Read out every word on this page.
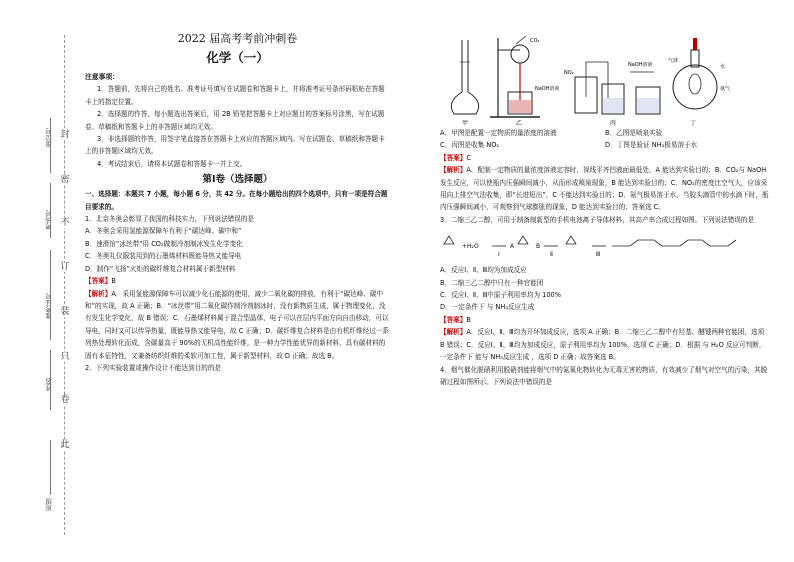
封
密
不
订
装
只
卷
此
座位号
考场号
准考证号
姓名
班级

2022 届高考考前冲刺卷

化学（一）

注意事项：

1．答题前，先将自己的姓名、准考证号填写在试题卷和答题卡上，并将准考证号条形码粘贴在答题卡上的指定位置。

2．选择题的作答，每小题选出答案后，用 2B 铅笔把答题卡上对应题目的答案标号涂黑，写在试题卷、草稿纸和答题卡上的非答题区域均无效。

3．非选择题的作答，用签字笔直接答在答题卡上对应的答题区域内。写在试题卷、草稿纸和答题卡上的非答题区域均无效。

4．考试结束后，请将本试题卷和答题卡一并上交。

第Ⅰ卷（选择题）

一、选择题：本题共 7 小题，每小题 6 分，共 42 分。在每小题给出的四个选项中，只有一项是符合题目要求的。

1．北京冬奥会彰显了我国的科技实力，下列说法错误的是

A．冬奥会采用氢能源保障车有利于“碳达峰、碳中和”

B．速滑馆“冰丝带”用 CO₂做制冷剂制冰发生化学变化

C．冬奥礼仪服装用到的石墨烯材料既能导热又能导电

D．制作“飞扬”火炬的碳纤维复合材料属于新型材料

【答案】B

【解析】A．采用氢能源保障车可以减少化石能源的使用，减少二氧化碳的排放，有利于“碳达峰、碳中和”的实现，故 A 正确；B．“冰丝带”用二氧化碳作制冷剂制冰时，没有新物质生成，属于物理变化，没有发生化学变化，故 B 错误；C．石墨烯材料属于混合型晶体，电子可以在层内平面方向自由移动，可以导电，同时又可以传导热量，既能导热又能导电，故 C 正确；D．碳纤维复合材料是由有机纤维经过一系列热处理转化而成，含碳量高于 90%的无机高性能纤维，是一种力学性能优异的新材料，具有碳材料的固有本征特性，又兼备纺织纤维的柔软可加工性，属于新型材料，故 D 正确；故选 B。

2．下列实验装置或操作设计不能达到目的的是

甲	乙	丙	丁
CO₂
NaOH溶液
NO₂
NaOH溶液
气球
水
氨气
A．甲图是配置一定物质的量浓度的溶液	B．乙图是喷泉实验
C．丙图是收集 NO₂	D．丁图是验证 NH₃极易溶于水

【答案】C

【解析】A．配制一定物质的量浓度溶液定容时，视线平齐凹液面最低处，A 能达到实验目的；B．CO₂与 NaOH 发生反应，可以使瓶内压强瞬间减小，从而形成喷泉现象，B 能达到实验目的；C．NO₂的密度比空气大，应该采用向上排空气法收集，即“长进短出”，C 不能达到实验目的；D．氨气极易溶于水，当胶头滴管中的水滴下时，瓶内压强瞬间减小，可观察到气球膨胀的现象，D 能达到实验目的；答案选 C。

3．二缩三乙二醇，可用于制备制新型的手机电池离子导体材料，其高产率合成过程如图。下列说法错误的是

+H₂O
Ⅰ
A
Ⅱ
B
Ⅲ

A．反应Ⅰ、Ⅱ、Ⅲ均为加成反应

B．二缩三乙二醇中只有一种官能团

C．反应Ⅰ、Ⅱ、Ⅲ中原子利用率均为 100%

D．一定条件下 与 NH₃反应生成

【答案】B

【解析】A．反应Ⅰ、Ⅱ、Ⅲ均为开环加成反应，选项 A 正确；B．二缩三乙二醇中有羟基、醚键两种官能团，选项 B 错误；C．反应Ⅰ、Ⅱ、Ⅲ均为加成反应，原子利用率均为 100%，选项 C 正确；D．根据 与 H₂O 反应可判断，一定条件下 能与 NH₃反应生成 ，选项 D 正确；故答案选 B。

4．烟气催化脱硝利用脱硝剂能将烟气中的氮氧化物转化为无毒无害的物质，有效减少了烟气对空气的污染，其脱硝过程如图所示。下列说法中错误的是
